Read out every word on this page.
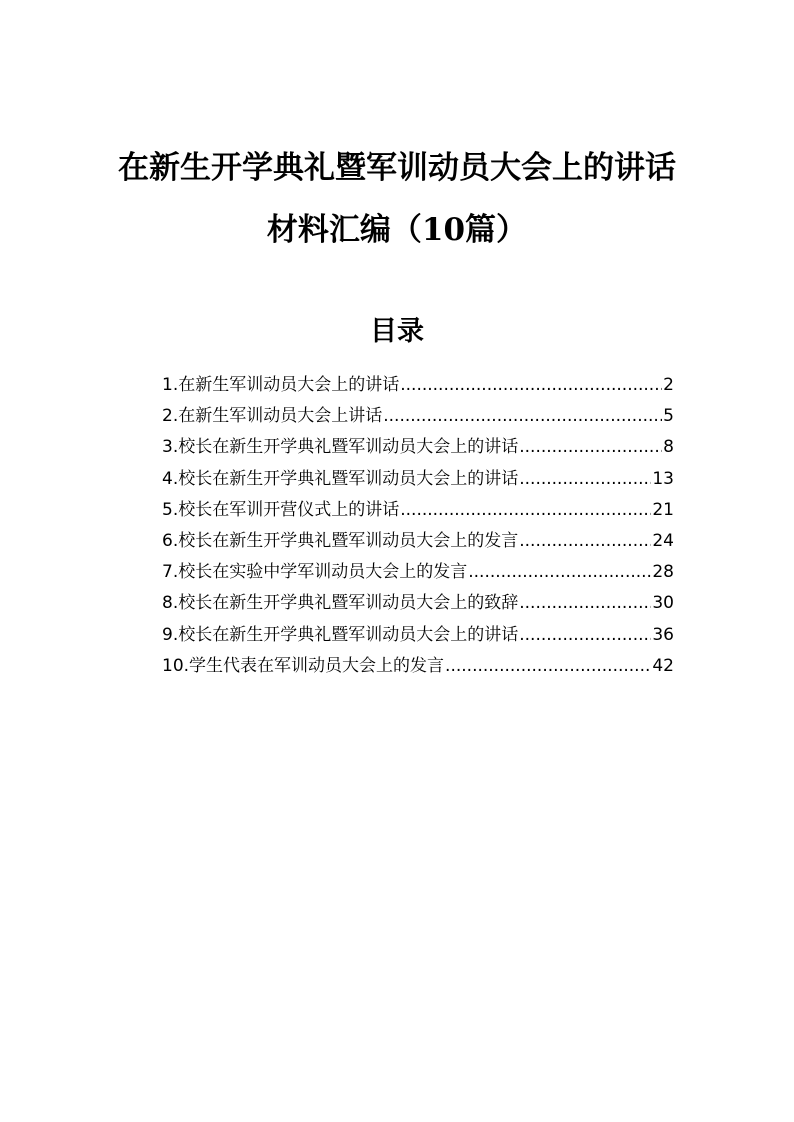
在新生开学典礼暨军训动员大会上的讲话
材料汇编（10篇）
目录
1.在新生军训动员大会上的讲话 .....	2
2.在新生军训动员大会上讲话 .....	5
3.校长在新生开学典礼暨军训动员大会上的讲话 .....	8
4.校长在新生开学典礼暨军训动员大会上的讲话 .....	13
5.校长在军训开营仪式上的讲话 .....	21
6.校长在新生开学典礼暨军训动员大会上的发言 .....	24
7.校长在实验中学军训动员大会上的发言 .....	28
8.校长在新生开学典礼暨军训动员大会上的致辞 .....	30
9.校长在新生开学典礼暨军训动员大会上的讲话 .....	36
10.学生代表在军训动员大会上的发言 .....	42
